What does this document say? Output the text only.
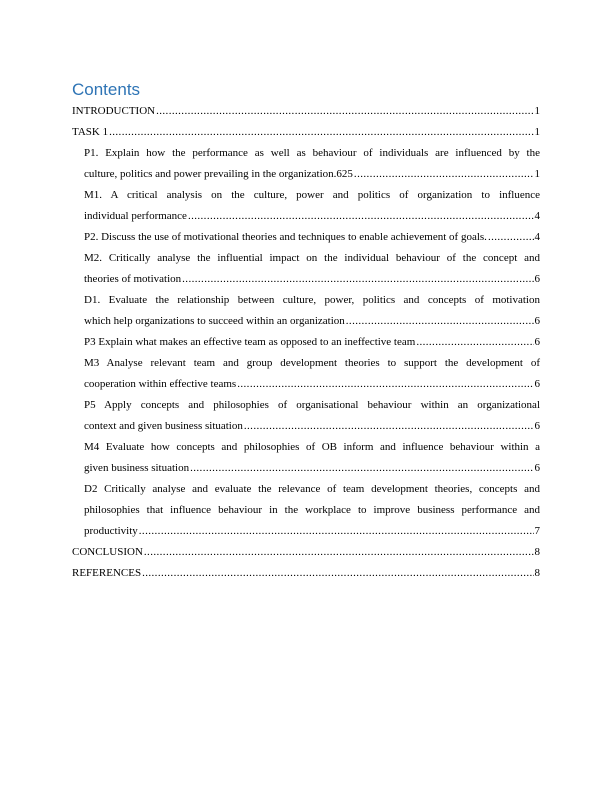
Contents
INTRODUCTION .....	1
TASK 1 .....	1
P1. Explain how the performance as well as behaviour of individuals are influenced by the
culture, politics and power prevailing in the organization.625 .....	1
M1. A critical analysis on the culture, power and politics of organization to influence
individual performance .....	4
P2. Discuss the use of motivational theories and techniques to enable achievement of goals. .....	4
M2. Critically analyse the influential impact on the individual behaviour of the concept and
theories of motivation .....	6
D1. Evaluate the relationship between culture, power, politics and concepts of motivation
which help organizations to succeed within an organization .....	6
P3 Explain what makes an effective team as opposed to an ineffective team .....	6
M3 Analyse relevant team and group development theories to support the development of
cooperation within effective teams .....	6
P5 Apply concepts and philosophies of organisational behaviour within an organizational
context and given business situation .....	6
M4 Evaluate how concepts and philosophies of OB inform and influence behaviour within a
given business situation .....	6
D2 Critically analyse and evaluate the relevance of team development theories, concepts and
philosophies that influence behaviour in the workplace to improve business performance and
productivity .....	7
CONCLUSION .....	8
REFERENCES .....	8
